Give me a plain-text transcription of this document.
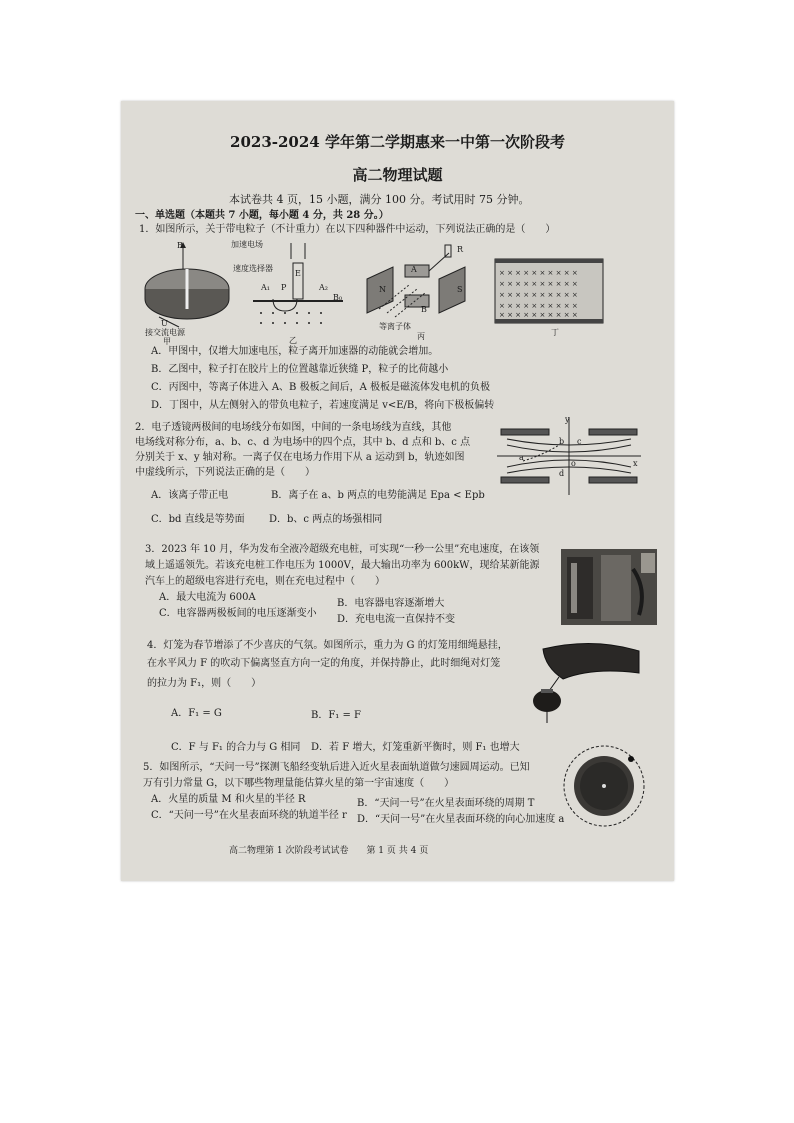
2023-2024 学年第二学期惠来一中第一次阶段考
高二物理试题
本试卷共 4 页，15 小题，满分 100 分。考试用时 75 分钟。
一、单选题（本题共 7 小题，每小题 4 分，共 28 分。）
1．如图所示，关于带电粒子（不计重力）在以下四种器件中运动，下列说法正确的是（　　）
B
U
接交流电源
甲
加速电场
速度选择器
E
P
A₁	A₂
B₀
乙
N	S
A
B
R
等离子体
丙
× × × × × × × × × ×
× × × × × × × × × ×
× × × × × × × × × ×
× × × × × × × × × ×
× × × × × × × × × ×
丁
A．甲图中，仅增大加速电压，粒子离开加速器的动能就会增加。
B．乙图中，粒子打在胶片上的位置越靠近狭缝 P，粒子的比荷越小
C．丙图中，等离子体进入 A、B 极板之间后，A 极板是磁流体发电机的负极
D．丁图中，从左侧射入的带负电粒子，若速度满足 v<E/B，将向下极板偏转
2．电子透镜两极间的电场线分布如图，中间的一条电场线为直线，其他
电场线对称分布，a、b、c、d 为电场中的四个点，其中 b、d 点和 b、c 点
分别关于 x、y 轴对称。一离子仅在电场力作用下从 a 运动到 b，轨迹如图
中虚线所示，下列说法正确的是（　　）
A．该离子带正电	B．离子在 a、b 两点的电势能满足 Epa < Epb
C．bd 直线是等势面 D．b、c 两点的场强相同
y
x
a
b c
d
o
3．2023 年 10 月，华为发布全液冷超级充电桩，可实现“一秒一公里”充电速度，在该领
域上遥遥领先。若该充电桩工作电压为 1000V，最大输出功率为 600kW，现给某新能源
汽车上的超级电容进行充电，则在充电过程中（　　）
A．最大电流为 600A
B．电容器电容逐渐增大
C．电容器两极板间的电压逐渐变小
D．充电电流一直保持不变
4．灯笼为春节增添了不少喜庆的气氛。如图所示，重力为 G 的灯笼用细绳悬挂，
在水平风力 F 的吹动下偏离竖直方向一定的角度，并保持静止，此时细绳对灯笼
的拉力为 F₁，则（　　）
A．F₁ = G	B．F₁ = F
C．F 与 F₁ 的合力与 G 相同 D．若 F 增大，灯笼重新平衡时，则 F₁ 也增大
5．如图所示，“天问一号”探测飞船经变轨后进入近火星表面轨道做匀速圆周运动。已知
万有引力常量 G，以下哪些物理量能估算火星的第一宇宙速度（　　）
A．火星的质量 M 和火星的半径 R	B．“天问一号”在火星表面环绕的周期 T
C．“天问一号”在火星表面环绕的轨道半径 r D．“天问一号”在火星表面环绕的向心加速度 a
高二物理第 1 次阶段考试试卷　　第 1 页 共 4 页
